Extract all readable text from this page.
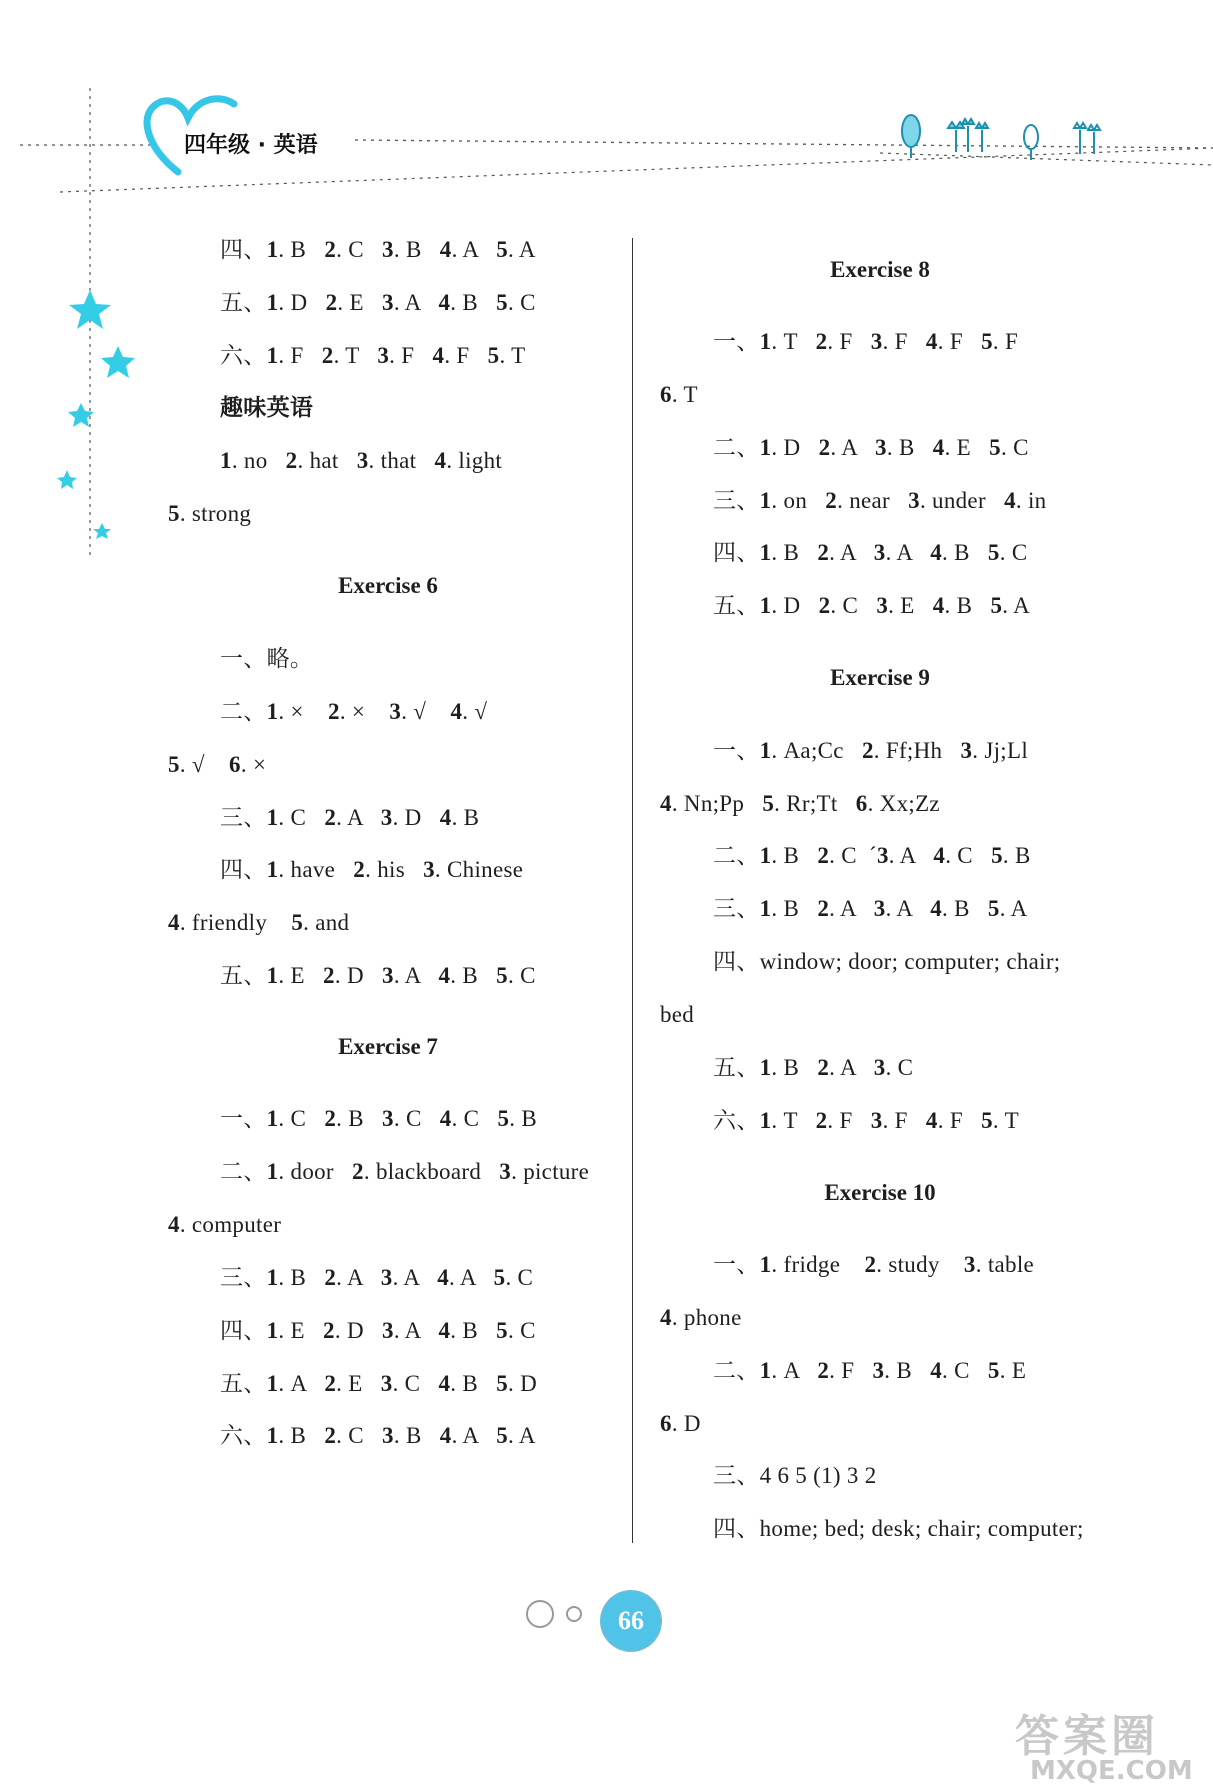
四年级 · 英语
四、1. B   2. C   3. B   4. A   5. A
五、1. D   2. E   3. A   4. B   5. C
六、1. F   2. T   3. F   4. F   5. T
趣味英语
1. no   2. hat   3. that   4. light
5. strong
Exercise 6
一、略。
二、1. ×    2. ×    3. √    4. √
5. √    6. ×
三、1. C   2. A   3. D   4. B
四、1. have   2. his   3. Chinese
4. friendly    5. and
五、1. E   2. D   3. A   4. B   5. C
Exercise 7
一、1. C   2. B   3. C   4. C   5. B
二、1. door   2. blackboard   3. picture
4. computer
三、1. B   2. A   3. A   4. A   5. C
四、1. E   2. D   3. A   4. B   5. C
五、1. A   2. E   3. C   4. B   5. D
六、1. B   2. C   3. B   4. A   5. A
Exercise 8
一、1. T   2. F   3. F   4. F   5. F
6. T
二、1. D   2. A   3. B   4. E   5. C
三、1. on   2. near   3. under   4. in
四、1. B   2. A   3. A   4. B   5. C
五、1. D   2. C   3. E   4. B   5. A
Exercise 9
一、1. Aa;Cc   2. Ff;Hh   3. Jj;Ll
4. Nn;Pp   5. Rr;Tt   6. Xx;Zz
二、1. B   2. C  ˊ3. A   4. C   5. B
三、1. B   2. A   3. A   4. B   5. A
四、window; door; computer; chair;
bed
五、1. B   2. A   3. C
六、1. T   2. F   3. F   4. F   5. T
Exercise 10
一、1. fridge    2. study    3. table
4. phone
二、1. A   2. F   3. B   4. C   5. E
6. D
三、4 6 5 (1) 3 2
四、home; bed; desk; chair; computer;
66
答案圈
MXQE.COM
